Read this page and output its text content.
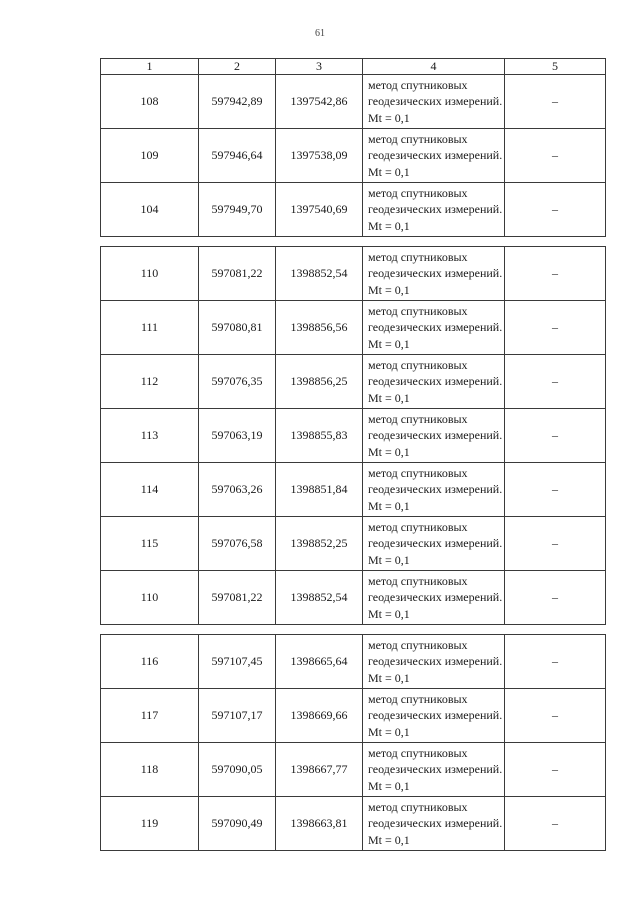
61
1	2	3	4	5
108	597942,89	1397542,86	метод спутниковых геодезических измерений. Mt = 0,1	–
109	597946,64	1397538,09	метод спутниковых геодезических измерений. Mt = 0,1	–
104	597949,70	1397540,69	метод спутниковых геодезических измерений. Mt = 0,1	–

110	597081,22	1398852,54	метод спутниковых геодезических измерений. Mt = 0,1	–
111	597080,81	1398856,56	метод спутниковых геодезических измерений. Mt = 0,1	–
112	597076,35	1398856,25	метод спутниковых геодезических измерений. Mt = 0,1	–
113	597063,19	1398855,83	метод спутниковых геодезических измерений. Mt = 0,1	–
114	597063,26	1398851,84	метод спутниковых геодезических измерений. Mt = 0,1	–
115	597076,58	1398852,25	метод спутниковых геодезических измерений. Mt = 0,1	–
110	597081,22	1398852,54	метод спутниковых геодезических измерений. Mt = 0,1	–

116	597107,45	1398665,64	метод спутниковых геодезических измерений. Mt = 0,1	–
117	597107,17	1398669,66	метод спутниковых геодезических измерений. Mt = 0,1	–
118	597090,05	1398667,77	метод спутниковых геодезических измерений. Mt = 0,1	–
119	597090,49	1398663,81	метод спутниковых геодезических измерений. Mt = 0,1	–
